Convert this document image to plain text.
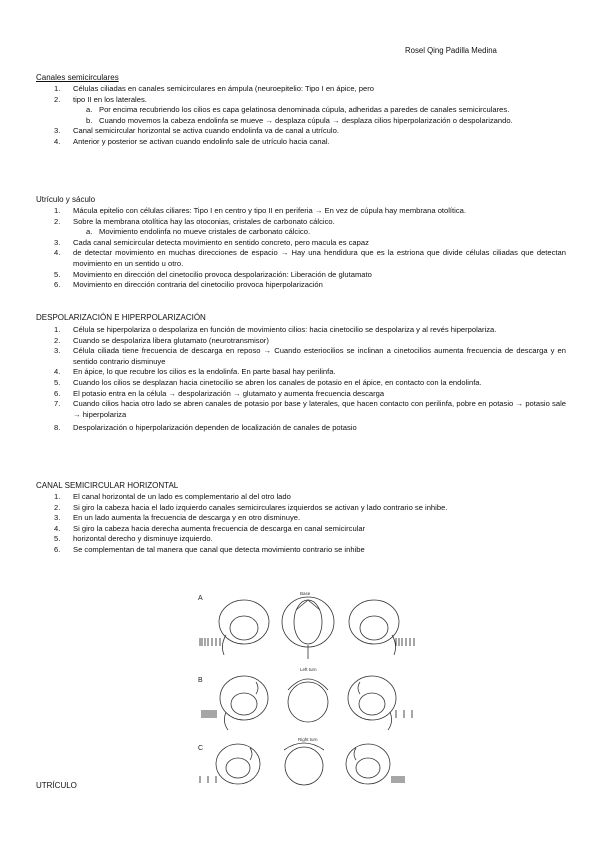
Rosel Qing Padilla Medina
Canales semicirculares
1. Células ciliadas en canales semicirculares en ámpula (neuroepitelio: Tipo I en ápice, pero
2. tipo II en los laterales.
a. Por encima recubriendo los cilios es capa gelatinosa denominada cúpula, adheridas a paredes de canales semicirculares.
b. Cuando movemos la cabeza endolinfa se mueve → desplaza cúpula → desplaza cilios hiperpolarización o despolarizando.
3. Canal semicircular horizontal se activa cuando endolinfa va de canal a utrículo.
4. Anterior y posterior se activan cuando endolinfo sale de utrículo hacia canal.
Utrículo y sáculo
1. Mácula epitelio con células ciliares: Tipo I en centro y tipo II en periferia → En vez de cúpula hay membrana otolítica.
2. Sobre la membrana otolítica hay las otoconias, cristales de carbonato cálcico.
a. Movimiento endolinfa no mueve cristales de carbonato cálcico.
3. Cada canal semicircular detecta movimiento en sentido concreto, pero macula es capaz
4. de detectar movimiento en muchas direcciones de espacio → Hay una hendidura que es la estriona que divide células ciliadas que detectan movimiento en un sentido u otro.
5. Movimiento en dirección del cinetocilio provoca despolarización: Liberación de glutamato
6. Movimiento en dirección contraria del cinetocilio provoca hiperpolarización
DESPOLARIZACIÓN E HIPERPOLARIZACIÓN
1. Célula se hiperpolariza o despolariza en función de movimiento cilios: hacia cinetocilio se despolariza y al revés hiperpolariza.
2. Cuando se despolariza libera glutamato (neurotransmisor)
3. Célula ciliada tiene frecuencia de descarga en reposo → Cuando esteriocilios se inclinan a cinetocilios aumenta frecuencia de descarga y en sentido contrario disminuye
4. En ápice, lo que recubre los cilios es la endolinfa. En parte basal hay perilinfa.
5. Cuando los cilios se desplazan hacia cinetocilio se abren los canales de potasio en el ápice, en contacto con la endolinfa.
6. El potasio entra en la célula → despolarización → glutamato y aumenta frecuencia descarga
7. Cuando cilios hacia otro lado se abren canales de potasio por base y laterales, que hacen contacto con perilinfa, pobre en potasio → potasio sale → hiperpolariza
8. Despolarización o hiperpolarización dependen de localización de canales de potasio
CANAL SEMICIRCULAR HORIZONTAL
1. El canal horizontal de un lado es complementario al del otro lado
2. Si giro la cabeza hacia el lado izquierdo canales semicirculares izquierdos se activan y lado contrario se inhibe.
3. En un lado aumenta la frecuencia de descarga y en otro disminuye.
4. Si giro la cabeza hacia derecha aumenta frecuencia de descarga en canal semicircular
5. horizontal derecho y disminuye izquierdo.
6. Se complementan de tal manera que canal que detecta movimiento contrario se inhibe
A
B
C
Base
Left turn
Right turn
UTRÍCULO
